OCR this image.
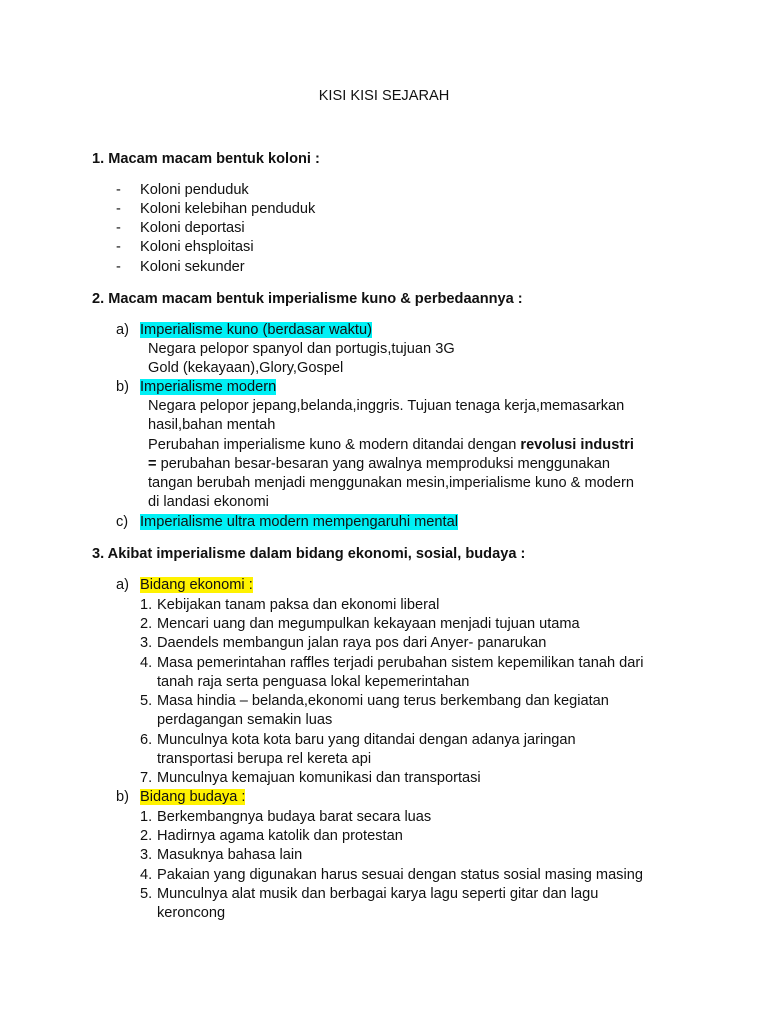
KISI KISI SEJARAH
1. Macam macam bentuk koloni :
- Koloni penduduk
- Koloni kelebihan penduduk
- Koloni deportasi
- Koloni ehsploitasi
- Koloni sekunder
2. Macam macam bentuk imperialisme kuno & perbedaannya :
a) Imperialisme kuno (berdasar waktu)
Negara pelopor spanyol dan portugis,tujuan 3G
Gold (kekayaan),Glory,Gospel
b) Imperialisme modern
Negara pelopor jepang,belanda,inggris. Tujuan tenaga kerja,memasarkan
hasil,bahan mentah
Perubahan imperialisme kuno & modern ditandai dengan revolusi industri
= perubahan besar-besaran yang awalnya memproduksi menggunakan
tangan berubah menjadi menggunakan mesin,imperialisme kuno & modern
di landasi ekonomi
c) Imperialisme ultra modern mempengaruhi mental
3. Akibat imperialisme dalam bidang ekonomi, sosial, budaya :
a) Bidang ekonomi :
1. Kebijakan tanam paksa dan ekonomi liberal
2. Mencari uang dan megumpulkan kekayaan menjadi tujuan utama
3. Daendels membangun jalan raya pos dari Anyer- panarukan
4. Masa pemerintahan raffles terjadi perubahan sistem kepemilikan tanah dari
tanah raja serta penguasa lokal kepemerintahan
5. Masa hindia – belanda,ekonomi uang terus berkembang dan kegiatan
perdagangan semakin luas
6. Munculnya kota kota baru yang ditandai dengan adanya jaringan
transportasi berupa rel kereta api
7. Munculnya kemajuan komunikasi dan transportasi
b) Bidang budaya :
1. Berkembangnya budaya barat secara luas
2. Hadirnya agama katolik dan protestan
3. Masuknya bahasa lain
4. Pakaian yang digunakan harus sesuai dengan status sosial masing masing
5. Munculnya alat musik dan berbagai karya lagu seperti gitar dan lagu
keroncong
